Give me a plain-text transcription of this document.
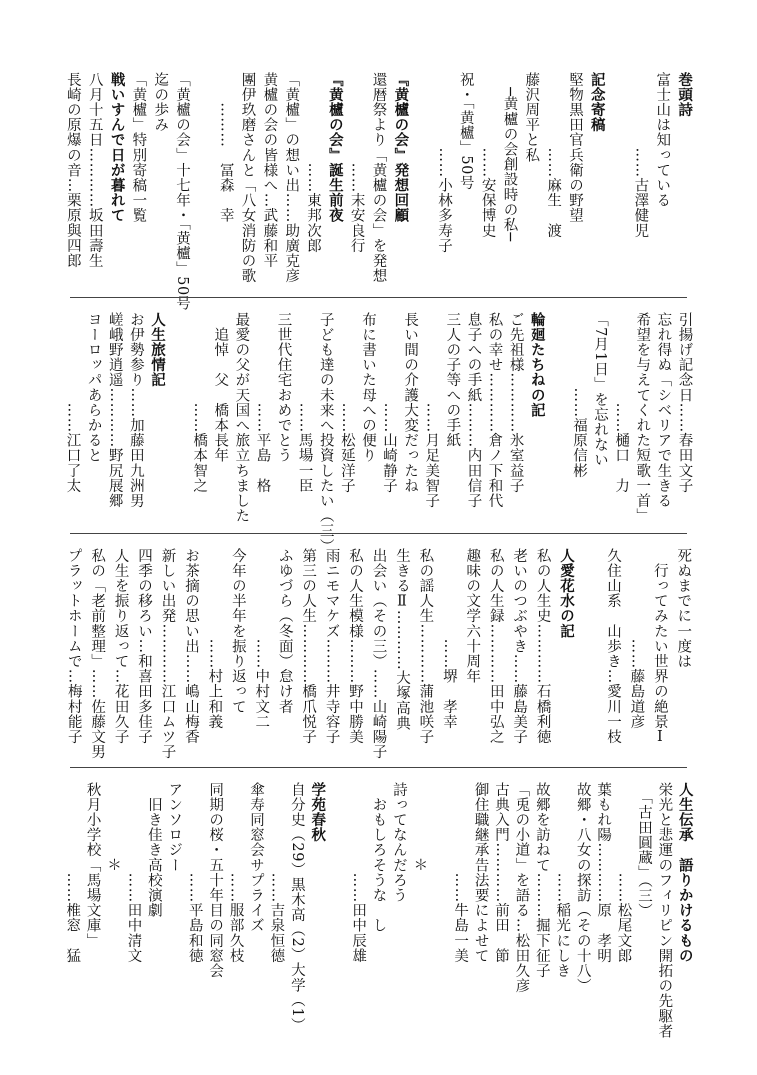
巻頭詩
富士山は知っている
　　　　　……古澤健児
記念寄稿
堅物黒田官兵衛の野望
　　　　　……麻生　渡
藤沢周平と私
　─黄櫨の会創設時の私─
　　　　　……安保博史
祝・「黄櫨」50号
　　　　　……小林多寿子
『黄櫨の会』発想回顧
還暦祭より「黄櫨の会」を発想
　　　　　　……末安良行
『黄櫨の会』誕生前夜
　　　　　　……東邦次郎
「黄櫨」の想い出……助廣克彦
黄櫨の会の皆様へ…武藤和平
團伊玖磨さんと「八女消防の歌
　　………　冨森　幸
「黄櫨の会」十七年・「黄櫨」50号
迄の歩み
「黄櫨」特別寄稿一覧
戦いすんで日が暮れて
八月十五日…………坂田壽生
長崎の原爆の音…栗原與四郎
引揚げ記念日……春田文子
忘れ得ぬ「シベリアで生きる
希望を与えてくれた短歌一首」
　　　　　　……樋口　力
「7月1日」を忘れない
　　　　　……福原信彬
輪廻たちねの記
ご先祖様…………氷室益子
私の幸せ…………倉ノ下和代
息子への手紙………内田信子
三人の子等への手紙
　　　　　　……月足美智子
長い間の介護大変だったね
　　　　　　……山崎静子
布に書いた母への便り
　　　　　　……松延洋子
子ども達の未来へ投資したい（三）
　　　　　　……馬場一臣
三世代住宅おめでとう
　　　　　　……平島　格
最愛の父が天国へ旅立ちました
　追悼　父　橋本長年
　　　　　　……橋本智之
人生旅情記
お伊勢参り……加藤田九洲男
嵯峨野逍遥…………野尻展郷
ヨーロッパあらかると
　　　　　　……江口了太
死ぬまでに一度は
　行ってみたい世界の絶景Ⅰ
　　　　　　……藤島道彦
久住山系　山歩き…愛川一枝
人愛花水の記
私の人生史…………石橋利徳
老いのつぶやき……藤島美子
私の人生録…………田中弘之
趣味の文学六十周年
　　　　　　……堺　孝幸
私の謡人生…………蒲池咲子
生きるⅡ…………大塚高典
出会い（その三）……山崎陽子
私の人生模様………野中勝美
雨ニモマケズ………井寺容子
第三の人生…………橋爪悦子
ふゆづら（冬面）怠け者
　　　　　　……中村文二
今年の半年を振り返って
　　　　　　……村上和義
お茶摘の思い出……嶋山梅香
新しい出発…………江口ムツ子
四季の移ろい…和喜田多佳子
人生を振り返って…花田久子
私の「老前整理」……佐藤文男
プラットホームで…梅村能子
人生伝承　語りかけるもの
栄光と悲運のフィリピン開拓の先駆者
　「古田圓蔵」（三）
　　　　　　……松尾文郎
葉もれ陽…………原　孝明
故郷・八女の探訪（その十八）
　　　　　　……稲光にしき
故郷を訪ねて………掘下征子
「兎の小道」を語る…松田久彦
古典入門…………前田　節
御住職継承告法要によせて
　　　　　　……牛島一美
　　　　　＊
詩ってなんだろう
　おもしろそうな　し
　　　　　　……田中辰雄
学苑春秋
自分史（29）黒木高（2）大学（1）
　　　　　　……吉泉恒德
傘寿同窓会サプライズ
　　　　　　……服部久枝
同期の桜・五十年目の同窓会
　　　　　　……平島和徳
アンソロジー
　旧き佳き高校演劇
　　　　　　……田中清文
　　　　　＊
秋月小学校「馬場文庫」
　　　　　　……椎窓　猛
